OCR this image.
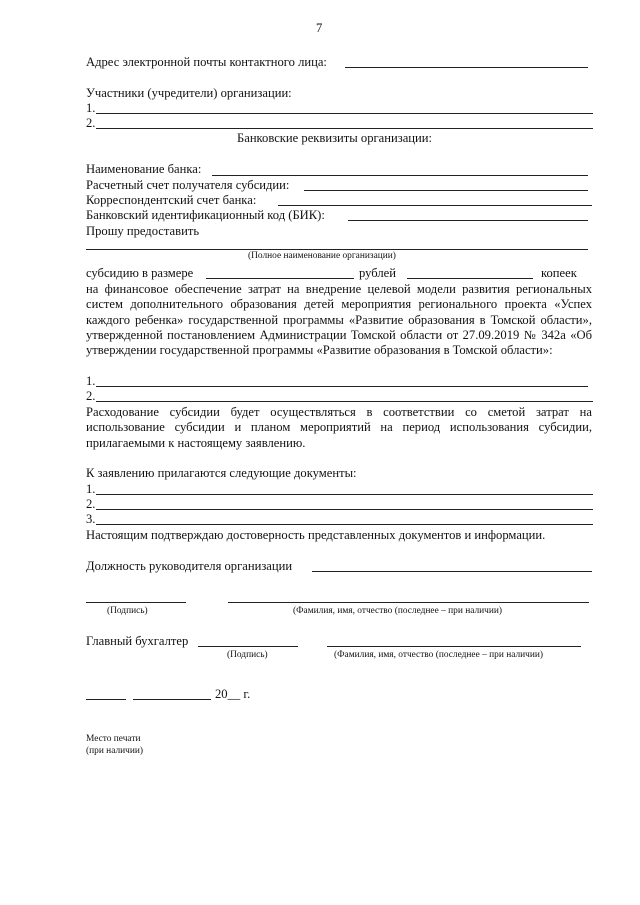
7
Адрес электронной почты контактного лица:
Участники (учредители) организации:
1.
2.
Банковские реквизиты организации:
Наименование банка:
Расчетный счет получателя субсидии:
Корреспондентский счет банка:
Банковский идентификационный код (БИК):
Прошу предоставить
(Полное наименование организации)
субсидию в размере	рублей	копеек
на финансовое обеспечение затрат на внедрение целевой модели развития региональных систем дополнительного образования детей мероприятия регионального проекта «Успех каждого ребенка» государственной программы «Развитие образования в Томской области», утвержденной постановлением Администрации Томской области от 27.09.2019 № 342а «Об утверждении государственной программы «Развитие образования в Томской области»:
1.
2.
Расходование субсидии будет осуществляться в соответствии со сметой затрат на использование субсидии и планом мероприятий на период использования субсидии, прилагаемыми к настоящему заявлению.
К заявлению прилагаются следующие документы:
1.
2.
3.
Настоящим подтверждаю достоверность представленных документов и информации.
Должность руководителя организации
(Подпись)	(Фамилия, имя, отчество (последнее – при наличии)
Главный бухгалтер
(Подпись)	(Фамилия, имя, отчество (последнее – при наличии)
20__ г.
Место печати
(при наличии)
